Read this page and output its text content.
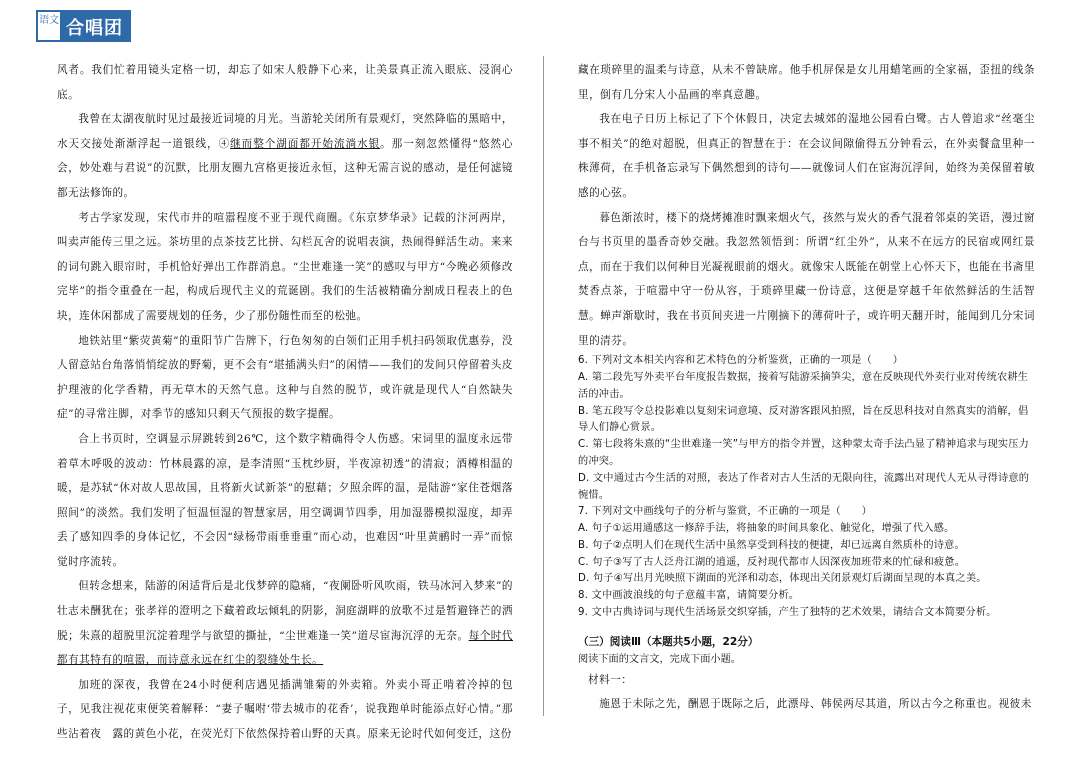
语文 合唱团
风者。我们忙着用镜头定格一切，却忘了如宋人般静下心来，让美景真正流入眼底、浸润心底。
我曾在太湖夜航时见过最接近词境的月光。当游轮关闭所有景观灯，突然降临的黑暗中，水天交接处渐渐浮起一道银线，④继而整个湖面都开始流淌水银。那一刻忽然懂得“悠然心会，妙处难与君说”的沉默，比朋友圈九宫格更接近永恒，这种无需言说的感动，是任何滤镜都无法修饰的。
考古学家发现，宋代市井的喧嚣程度不亚于现代商圈。《东京梦华录》记载的汴河两岸，叫卖声能传三里之远。茶坊里的点茶技艺比拼、勾栏瓦舍的说唱表演，热闹得鲜活生动。来来的词句跳入眼帘时，手机恰好弹出工作群消息。“尘世难逢一笑”的感叹与甲方“今晚必须修改完毕”的指令重叠在一起，构成后现代主义的荒诞剧。我们的生活被精确分割成日程表上的色块，连休闲都成了需要规划的任务，少了那份随性而至的松弛。
地铁站里“紫荧黄菊”的重阳节广告牌下，行色匆匆的白领们正用手机扫码领取优惠券，没人留意站台角落悄悄绽放的野菊，更不会有“堪插满头归”的闲情——我们的发间只停留着头皮护理液的化学香精，再无草木的天然气息。这种与自然的脱节，或许就是现代人“自然缺失症”的寻常注脚，对季节的感知只剩天气预报的数字提醒。
合上书页时，空调显示屏跳转到26℃，这个数字精确得令人伤感。宋词里的温度永远带着草木呼吸的波动：竹林晨露的凉，是李清照“玉枕纱厨，半夜凉初透”的清寂；酒樽相温的暖，是苏轼“休对故人思故国，且将新火试新茶”的慰藉；夕照余晖的温，是陆游“家住苍烟落照间”的淡然。我们发明了恒温恒湿的智慧家居，用空调调节四季，用加湿器模拟湿度，却弄丢了感知四季的身体记忆，不会因“绿杨带雨垂垂重”而心动，也难因“叶里黄鹂时一弄”而惊觉时序流转。
但转念想来，陆游的闲适背后是北伐梦碎的隐痛，“夜阑卧听风吹雨，铁马冰河入梦来”的壮志未酬犹在；张孝祥的澄明之下藏着政坛倾轧的阴影，洞庭湖畔的放歌不过是暂避锋芒的洒脱；朱熹的超脱里沉淀着理学与欲望的撕扯，“尘世难逢一笑”道尽宦海沉浮的无奈。每个时代都有其特有的喧嚣，而诗意永远在红尘的裂缝处生长。
加班的深夜，我曾在24小时便利店遇见插满雏菊的外卖箱。外卖小哥正啃着冷掉的包子，见我注视花束便笑着解释：“妻子嘱咐‘带去城市的花香’，说我跑单时能添点好心情。”那些沾着夜　露的黄色小花，在荧光灯下依然保持着山野的天真。原来无论时代如何变迁，这份
藏在琐碎里的温柔与诗意，从未不曾缺席。他手机屏保是女儿用蜡笔画的全家福，歪扭的线条里，倒有几分宋人小品画的率真意趣。
我在电子日历上标记了下个休假日，决定去城郊的湿地公园看白鹭。古人曾追求“丝毫尘事不相关”的绝对超脱，但真正的智慧在于：在会议间隙偷得五分钟看云，在外卖餐盒里种一株薄荷，在手机备忘录写下偶然想到的诗句——就像词人们在宦海沉浮间，始终为美保留着敏感的心弦。
暮色渐浓时，楼下的烧烤摊准时飘来烟火气，孩然与炭火的香气混着邻桌的笑语，漫过窗台与书页里的墨香奇妙交融。我忽然领悟到：所谓“红尘外”，从来不在远方的民宿或网红景点，而在于我们以何种目光凝视眼前的烟火。就像宋人既能在朝堂上心怀天下，也能在书斋里焚香点茶，于喧嚣中守一份从容，于琐碎里藏一份诗意，这便是穿越千年依然鲜活的生活智慧。蝉声渐歇时，我在书页间夹进一片刚摘下的薄荷叶子，或许明天翻开时，能闻到几分宋词里的清芬。
6. 下列对文本相关内容和艺术特色的分析鉴赏，正确的一项是（　　）
A. 第二段先写外卖平台年度报告数据，接着写陆游采摘笋尖，意在反映现代外卖行业对传统农耕生活的冲击。
B. 笔五段写令总投影难以复刻宋词意境、反对游客跟风拍照，旨在反思科技对自然真实的消解，倡导人们静心赏景。
C. 第七段将朱熹的“尘世难逢一笑”与甲方的指令并置，这种蒙太奇手法凸显了精神追求与现实压力的冲突。
D. 文中通过古今生活的对照，表达了作者对古人生活的无限向往，流露出对现代人无从寻得诗意的惋惜。
7. 下列对文中画线句子的分析与鉴赏，不正确的一项是（　　）
A. 句子①运用通感这一修辞手法，将抽象的时间具象化、触觉化，增强了代入感。
B. 句子②点明人们在现代生活中虽然享受到科技的便捷，却已远离自然质朴的诗意。
C. 句子③写了古人泛舟江湖的逍遥，反衬现代都市人因深夜加班带来的忙碌和疲惫。
D. 句子④写出月光映照下湖面的光泽和动态，体现出关闭景观灯后湖面呈现的本真之美。
8. 文中画波浪线的句子意蕴丰富，请简要分析。
9. 文中古典诗词与现代生活场景交织穿插，产生了独特的艺术效果，请结合文本简要分析。
（三）阅读Ⅲ（本题共5小题，22分）
阅读下面的文言文，完成下面小题。
材料一：
施恩于未际之先，酬恩于既际之后，此漂母、韩侯两尽其道，所以古今之称重也。视彼未
